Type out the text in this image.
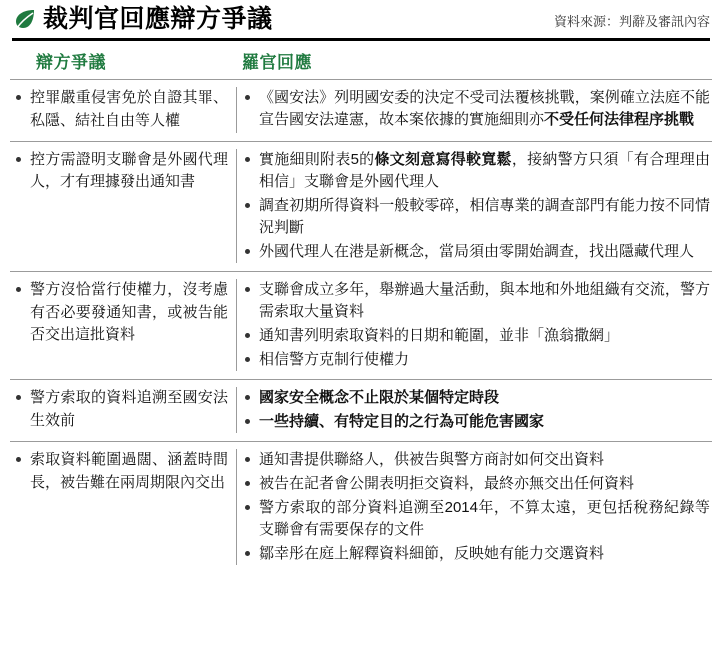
裁判官回應辯方爭議	資料來源：判辭及審訊內容
辯方爭議	羅官回應
控罪嚴重侵害免於自證其罪、私隱、結社自由等人權
《國安法》列明國安委的決定不受司法覆核挑戰，案例確立法庭不能宣告國安法違憲，故本案依據的實施細則亦不受任何法律程序挑戰
控方需證明支聯會是外國代理人，才有理據發出通知書
實施細則附表5的條文刻意寫得較寬鬆，接納警方只須「有合理理由相信」支聯會是外國代理人
調查初期所得資料一般較零碎，相信專業的調查部門有能力按不同情況判斷
外國代理人在港是新概念，當局須由零開始調查，找出隱藏代理人
警方沒恰當行使權力，沒考慮有否必要發通知書，或被告能否交出這批資料
支聯會成立多年，舉辦過大量活動，與本地和外地組織有交流，警方需索取大量資料
通知書列明索取資料的日期和範圍，並非「漁翁撒網」
相信警方克制行使權力
警方索取的資料追溯至國安法生效前
國家安全概念不止限於某個特定時段
一些持續、有特定目的之行為可能危害國家
索取資料範圍過闊、涵蓋時間長，被告難在兩周期限內交出
通知書提供聯絡人，供被告與警方商討如何交出資料
被告在記者會公開表明拒交資料，最終亦無交出任何資料
警方索取的部分資料追溯至2014年，不算太遠，更包括稅務紀錄等支聯會有需要保存的文件
鄒幸彤在庭上解釋資料細節，反映她有能力交選資料
